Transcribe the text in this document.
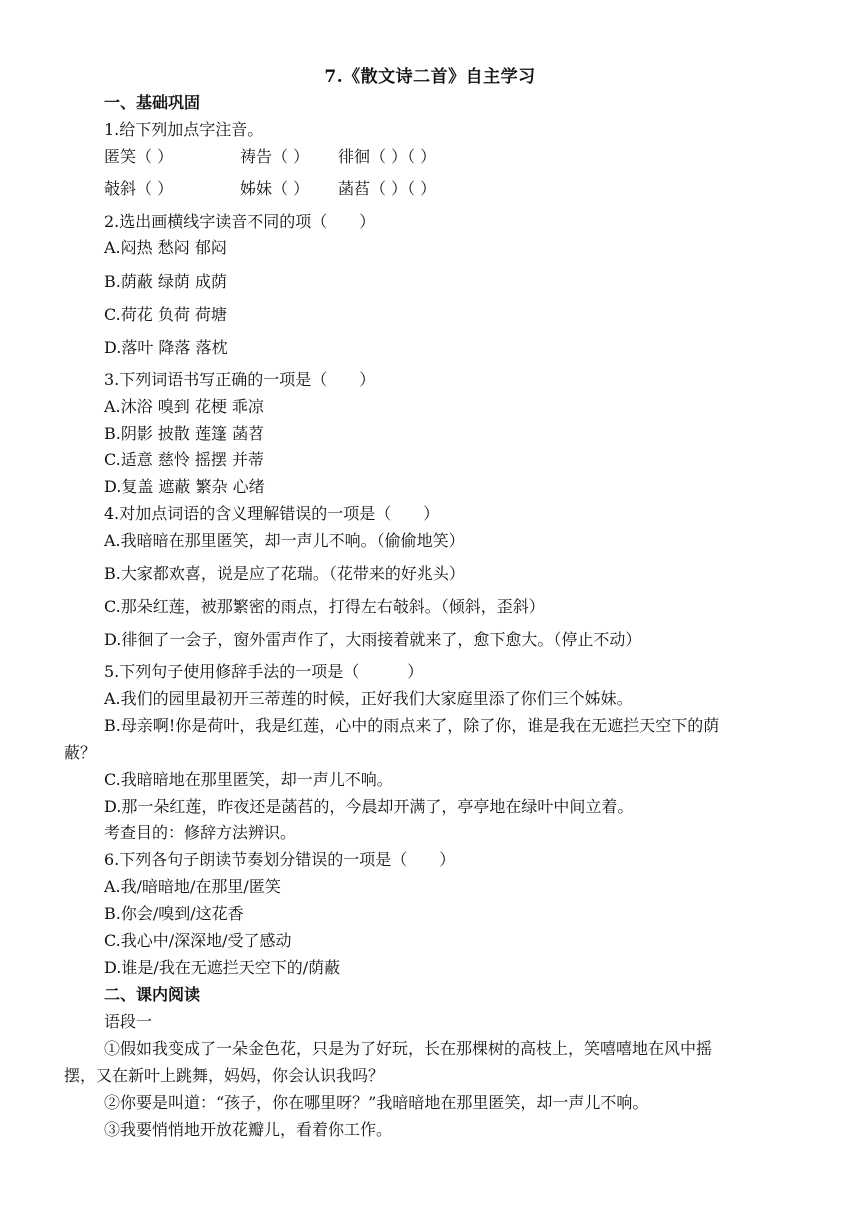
7.《散文诗二首》自主学习
一、基础巩固
1.给下列加点字注音。
匿笑（ ）	祷告（ ） 徘徊（ ）（ ）
攲斜（ ）	姊妹（ ） 菡萏（ ）（ ）
2.选出画横线字读音不同的项（　　）
A.闷热 愁闷 郁闷
B.荫蔽 绿荫 成荫
C.荷花 负荷 荷塘
D.落叶 降落 落枕
3.下列词语书写正确的一项是（　　）
A.沐浴 嗅到 花梗 乖凉
B.阴影 披散 莲篷 菡苕
C.适意 慈怜 摇摆 并蒂
D.复盖 遮蔽 繁杂 心绪
4.对加点词语的含义理解错误的一项是（　　）
A.我暗暗在那里匿笑，却一声儿不响。（偷偷地笑）
B.大家都欢喜，说是应了花瑞。（花带来的好兆头）
C.那朵红莲，被那繁密的雨点，打得左右攲斜。（倾斜，歪斜）
D.徘徊了一会子，窗外雷声作了，大雨接着就来了，愈下愈大。（停止不动）
5.下列句子使用修辞手法的一项是（　　　）
A.我们的园里最初开三蒂莲的时候，正好我们大家庭里添了你们三个姊妹。
B.母亲啊!你是荷叶，我是红莲，心中的雨点来了，除了你，谁是我在无遮拦天空下的荫
蔽？
C.我暗暗地在那里匿笑，却一声儿不响。
D.那一朵红莲，昨夜还是菡萏的，今晨却开满了，亭亭地在绿叶中间立着。
考查目的：修辞方法辨识。
6.下列各句子朗读节奏划分错误的一项是（　　）
A.我/暗暗地/在那里/匿笑
B.你会/嗅到/这花香
C.我心中/深深地/受了感动
D.谁是/我在无遮拦天空下的/荫蔽
二、课内阅读
语段一
①假如我变成了一朵金色花，只是为了好玩，长在那棵树的高枝上，笑嘻嘻地在风中摇
摆，又在新叶上跳舞，妈妈，你会认识我吗？
②你要是叫道：“孩子，你在哪里呀？”我暗暗地在那里匿笑，却一声儿不响。
③我要悄悄地开放花瓣儿，看着你工作。
